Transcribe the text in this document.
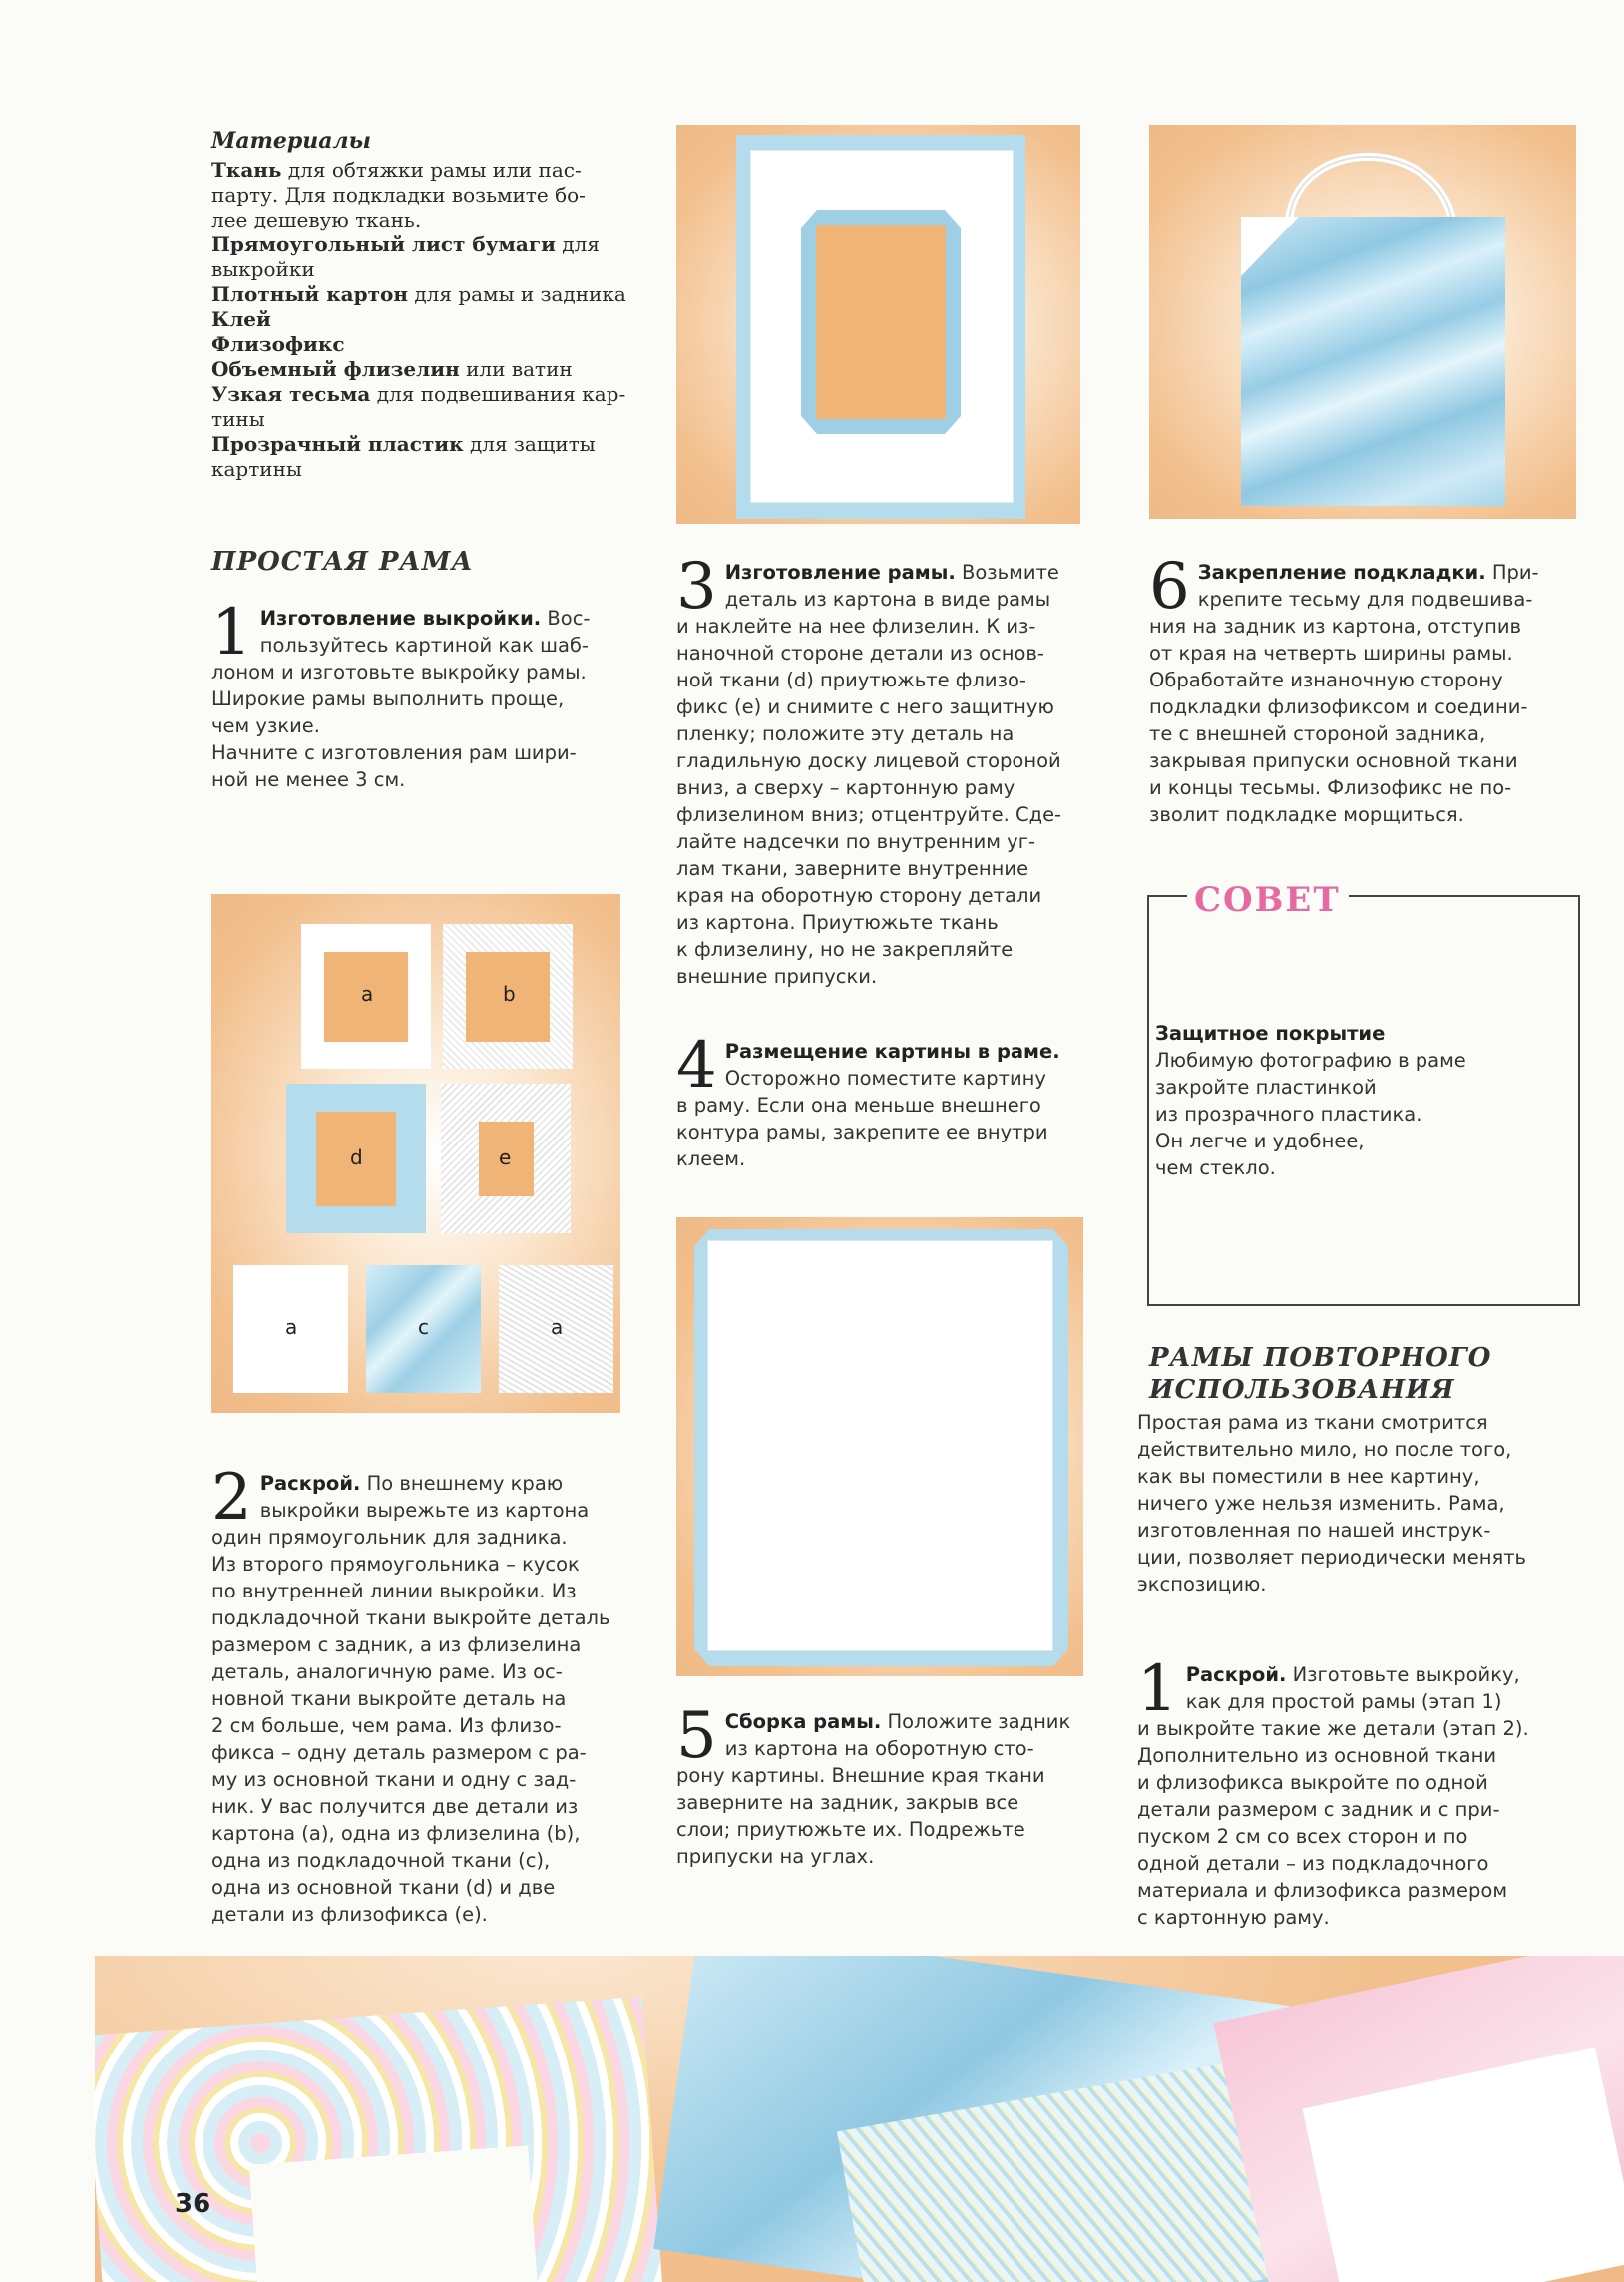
Материалы
Ткань для обтяжки рамы или пас-
парту. Для подкладки возьмите бо-
лее дешевую ткань.
Прямоугольный лист бумаги для
выкройки
Плотный картон для рамы и задника
Клей
Флизофикс
Объемный флизелин или ватин
Узкая тесьма для подвешивания кар-
тины
Прозрачный пластик для защиты
картины
ПРОСТАЯ РАМА
1 Изготовление выкройки. Вос-
пользуйтесь картиной как шаб-
лоном и изготовьте выкройку рамы.
Широкие рамы выполнить проще,
чем узкие.
Начните с изготовления рам шири-
ной не менее 3 см.
a	b
d	e
a	c	a
2 Раскрой. По внешнему краю
выкройки вырежьте из картона
один прямоугольник для задника.
Из второго прямоугольника – кусок
по внутренней линии выкройки. Из
подкладочной ткани выкройте деталь
размером с задник, а из флизелина
деталь, аналогичную раме. Из ос-
новной ткани выкройте деталь на
2 см больше, чем рама. Из флизо-
фикса – одну деталь размером с ра-
му из основной ткани и одну с зад-
ник. У вас получится две детали из
картона (а), одна из флизелина (b),
одна из подкладочной ткани (c),
одна из основной ткани (d) и две
детали из флизофикса (е).
3 Изготовление рамы. Возьмите
деталь из картона в виде рамы
и наклейте на нее флизелин. К из-
наночной стороне детали из основ-
ной ткани (d) приутюжьте флизо-
фикс (е) и снимите с него защитную
пленку; положите эту деталь на
гладильную доску лицевой стороной
вниз, а сверху – картонную раму
флизелином вниз; отцентруйте. Сде-
лайте надсечки по внутренним уг-
лам ткани, заверните внутренние
края на оборотную сторону детали
из картона. Приутюжьте ткань
к флизелину, но не закрепляйте
внешние припуски.
4 Размещение картины в раме.
Осторожно поместите картину
в раму. Если она меньше внешнего
контура рамы, закрепите ее внутри
клеем.
5 Сборка рамы. Положите задник
из картона на оборотную сто-
рону картины. Внешние края ткани
заверните на задник, закрыв все
слои; приутюжьте их. Подрежьте
припуски на углах.
6 Закрепление подкладки. При-
крепите тесьму для подвешива-
ния на задник из картона, отступив
от края на четверть ширины рамы.
Обработайте изнаночную сторону
подкладки флизофиксом и соедини-
те с внешней стороной задника,
закрывая припуски основной ткани
и концы тесьмы. Флизофикс не по-
зволит подкладке морщиться.
СОВЕТ
Защитное покрытие
Любимую фотографию в раме
закройте пластинкой
из прозрачного пластика.
Он легче и удобнее,
чем стекло.
РАМЫ ПОВТОРНОГО
ИСПОЛЬЗОВАНИЯ
Простая рама из ткани смотрится
действительно мило, но после того,
как вы поместили в нее картину,
ничего уже нельзя изменить. Рама,
изготовленная по нашей инструк-
ции, позволяет периодически менять
экспозицию.
1 Раскрой. Изготовьте выкройку,
как для простой рамы (этап 1)
и выкройте такие же детали (этап 2).
Дополнительно из основной ткани
и флизофикса выкройте по одной
детали размером с задник и с при-
пуском 2 см со всех сторон и по
одной детали – из подкладочного
материала и флизофикса размером
с картонную раму.
36
